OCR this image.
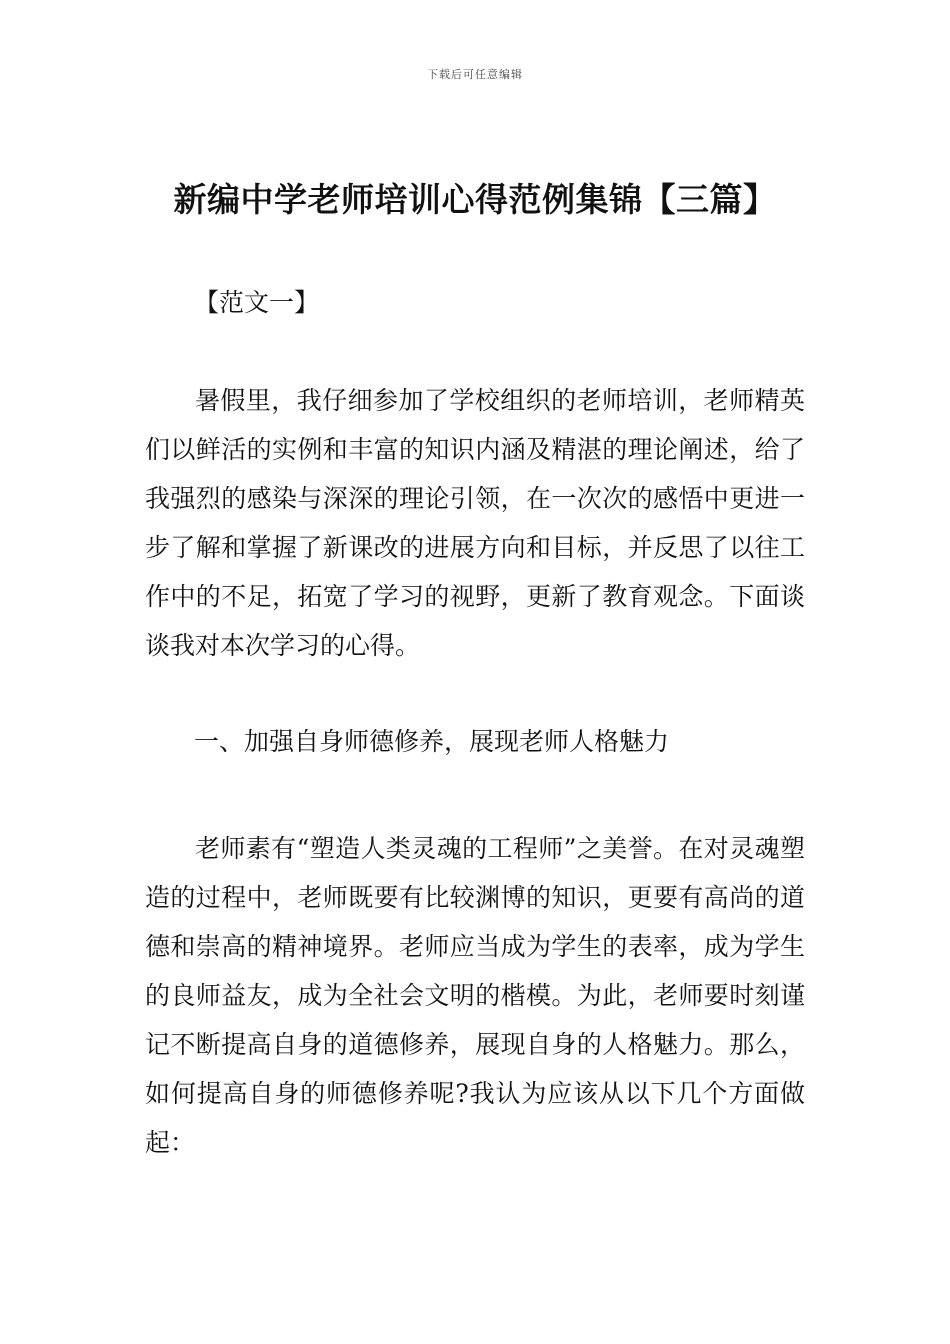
下载后可任意编辑
新编中学老师培训心得范例集锦【三篇】
【范文一】

暑假里，我仔细参加了学校组织的老师培训，老师精英们以鲜活的实例和丰富的知识内涵及精湛的理论阐述，给了我强烈的感染与深深的理论引领，在一次次的感悟中更进一步了解和掌握了新课改的进展方向和目标，并反思了以往工作中的不足，拓宽了学习的视野，更新了教育观念。下面谈谈我对本次学习的心得。

一、加强自身师德修养，展现老师人格魅力

老师素有“塑造人类灵魂的工程师”之美誉。在对灵魂塑造的过程中，老师既要有比较渊博的知识，更要有高尚的道德和崇高的精神境界。老师应当成为学生的表率，成为学生的良师益友，成为全社会文明的楷模。为此，老师要时刻谨记不断提高自身的道德修养，展现自身的人格魅力。那么，如何提高自身的师德修养呢?我认为应该从以下几个方面做起：
